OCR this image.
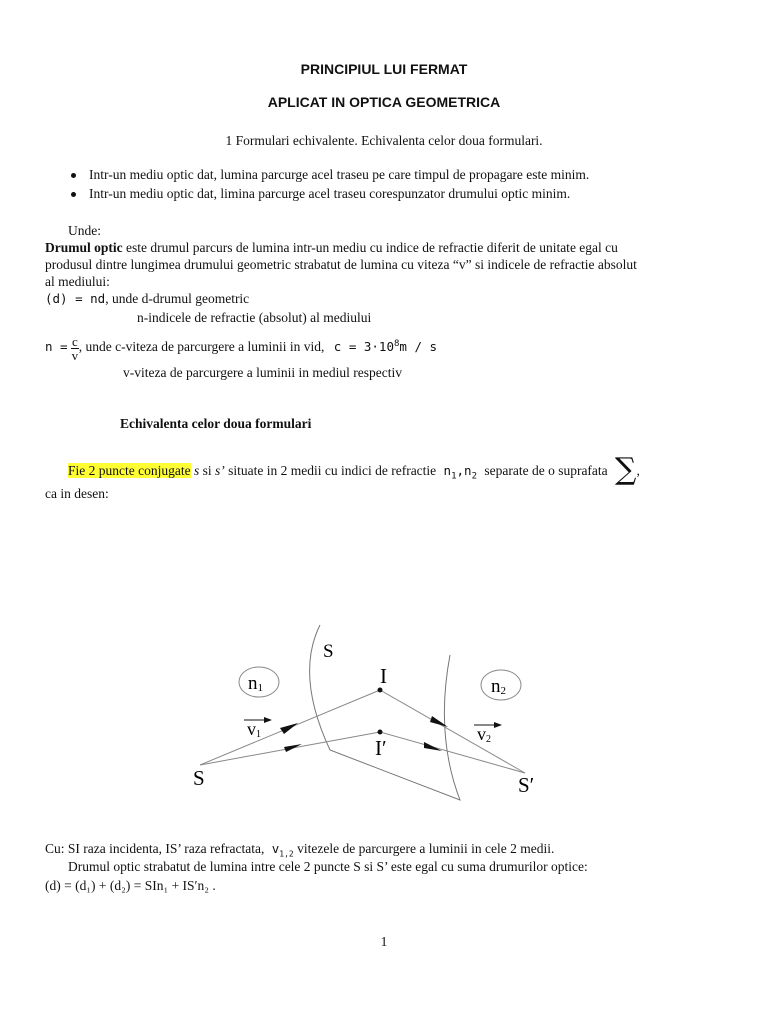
PRINCIPIUL LUI FERMAT
APLICAT IN OPTICA GEOMETRICA
1 Formulari echivalente. Echivalenta celor doua formulari.
Intr-un mediu optic dat, lumina parcurge acel traseu pe care timpul de propagare este minim.
Intr-un mediu optic dat, limina parcurge acel traseu corespunzator drumului optic minim.
Unde:
Drumul optic este drumul parcurs de lumina intr-un mediu cu indice de refractie diferit de unitate egal cu
produsul dintre lungimea drumului geometric strabatut de lumina cu viteza “v” si indicele de refractie absolut
al mediului:
(d) = nd, unde d-drumul geometric
n-indicele de refractie (absolut) al mediului
$n = \frac{c}{v}$ , unde c-viteza de parcurgere a luminii in vid, $c = 3\cdot 10^8m / s$
v-viteza de parcurgere a luminii in mediul respectiv
Echivalenta celor doua formulari
Fie 2 puncte conjugate s si s’ situate in 2 medii cu indici de refractie $n_1,n_2$ separate de o suprafata ∑,
ca in desen:
n1	n2
v1	v2
S
I
I′
S	S′
Cu: SI raza incidenta, IS’ raza refractata, $v_{1,2}$ vitezele de parcurgere a luminii in cele 2 medii.
Drumul optic strabatut de lumina intre cele 2 puncte S si S’ este egal cu suma drumurilor optice:
(d) = (d₁) + (d₂) = SIn₁ + IS′n₂ .
1
